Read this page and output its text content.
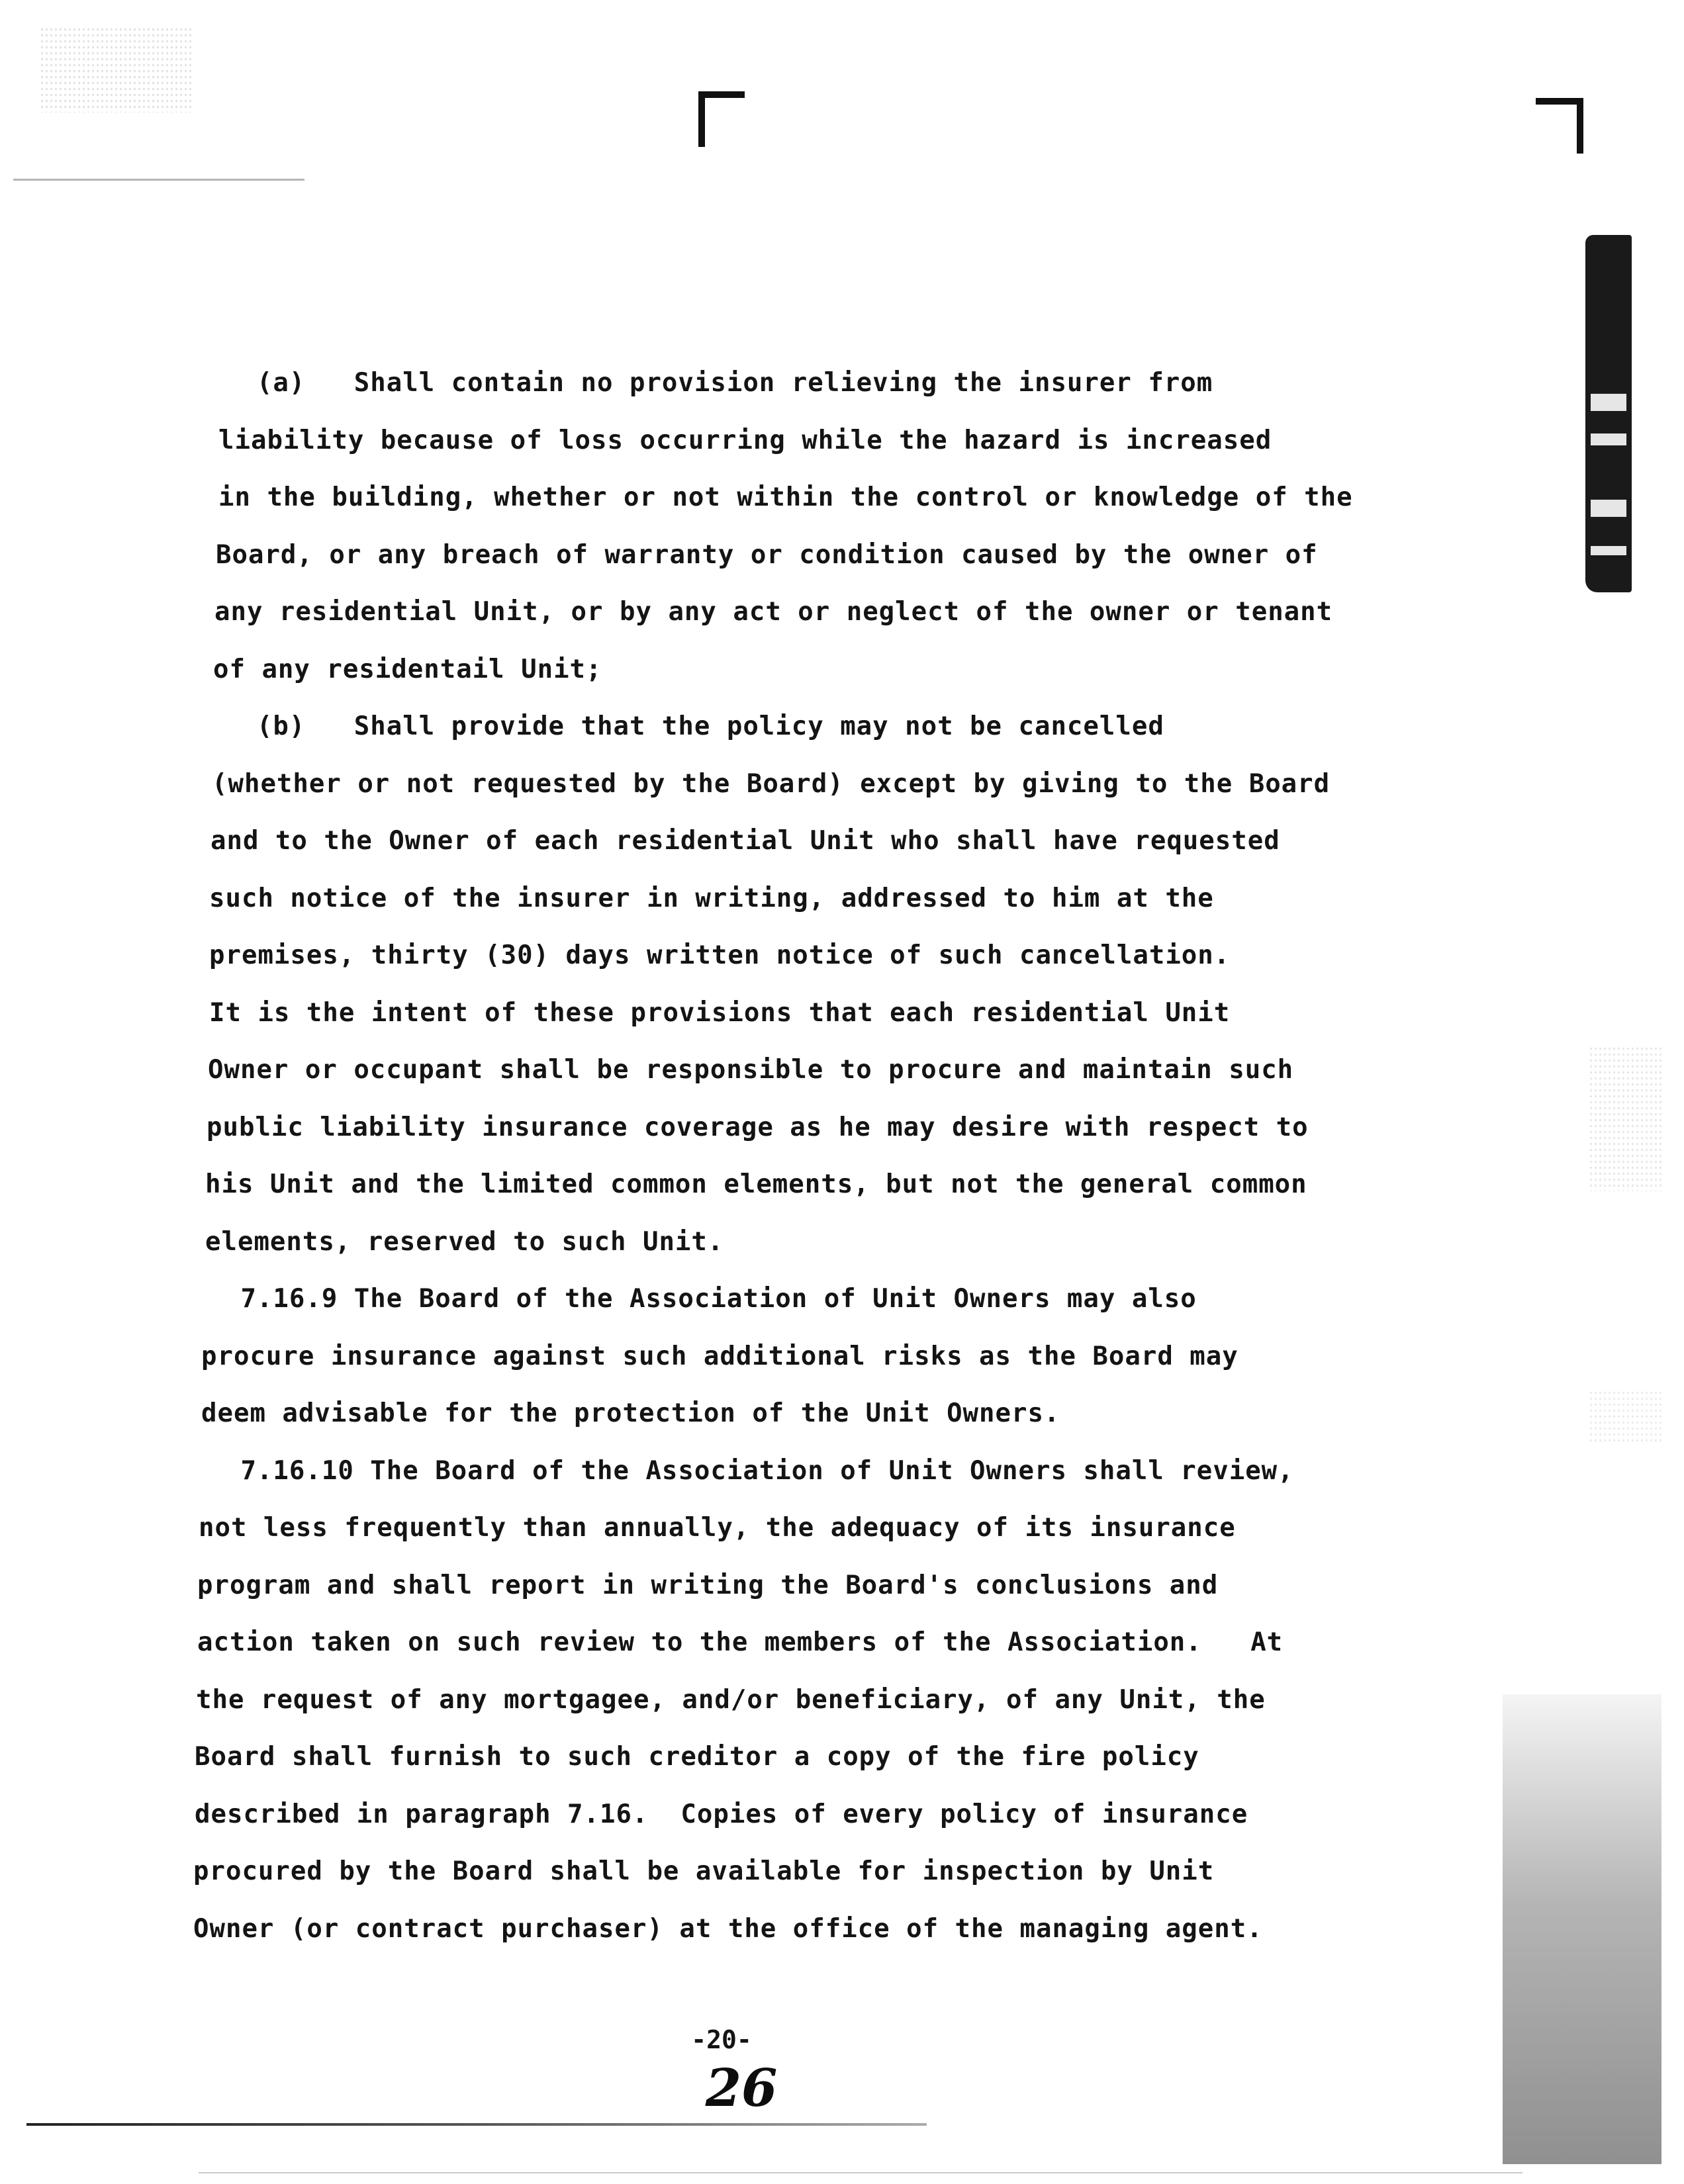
(a)   Shall contain no provision relieving the insurer from
liability because of loss occurring while the hazard is increased
in the building, whether or not within the control or knowledge of the
Board, or any breach of warranty or condition caused by the owner of
any residential Unit, or by any act or neglect of the owner or tenant
of any residentail Unit;
(b)   Shall provide that the policy may not be cancelled
(whether or not requested by the Board) except by giving to the Board
and to the Owner of each residential Unit who shall have requested
such notice of the insurer in writing, addressed to him at the
premises, thirty (30) days written notice of such cancellation.
It is the intent of these provisions that each residential Unit
Owner or occupant shall be responsible to procure and maintain such
public liability insurance coverage as he may desire with respect to
his Unit and the limited common elements, but not the general common
elements, reserved to such Unit.
7.16.9 The Board of the Association of Unit Owners may also
procure insurance against such additional risks as the Board may
deem advisable for the protection of the Unit Owners.
7.16.10 The Board of the Association of Unit Owners shall review,
not less frequently than annually, the adequacy of its insurance
program and shall report in writing the Board's conclusions and
action taken on such review to the members of the Association.   At
the request of any mortgagee, and/or beneficiary, of any Unit, the
Board shall furnish to such creditor a copy of the fire policy
described in paragraph 7.16.  Copies of every policy of insurance
procured by the Board shall be available for inspection by Unit
Owner (or contract purchaser) at the office of the managing agent.
-20-
26
